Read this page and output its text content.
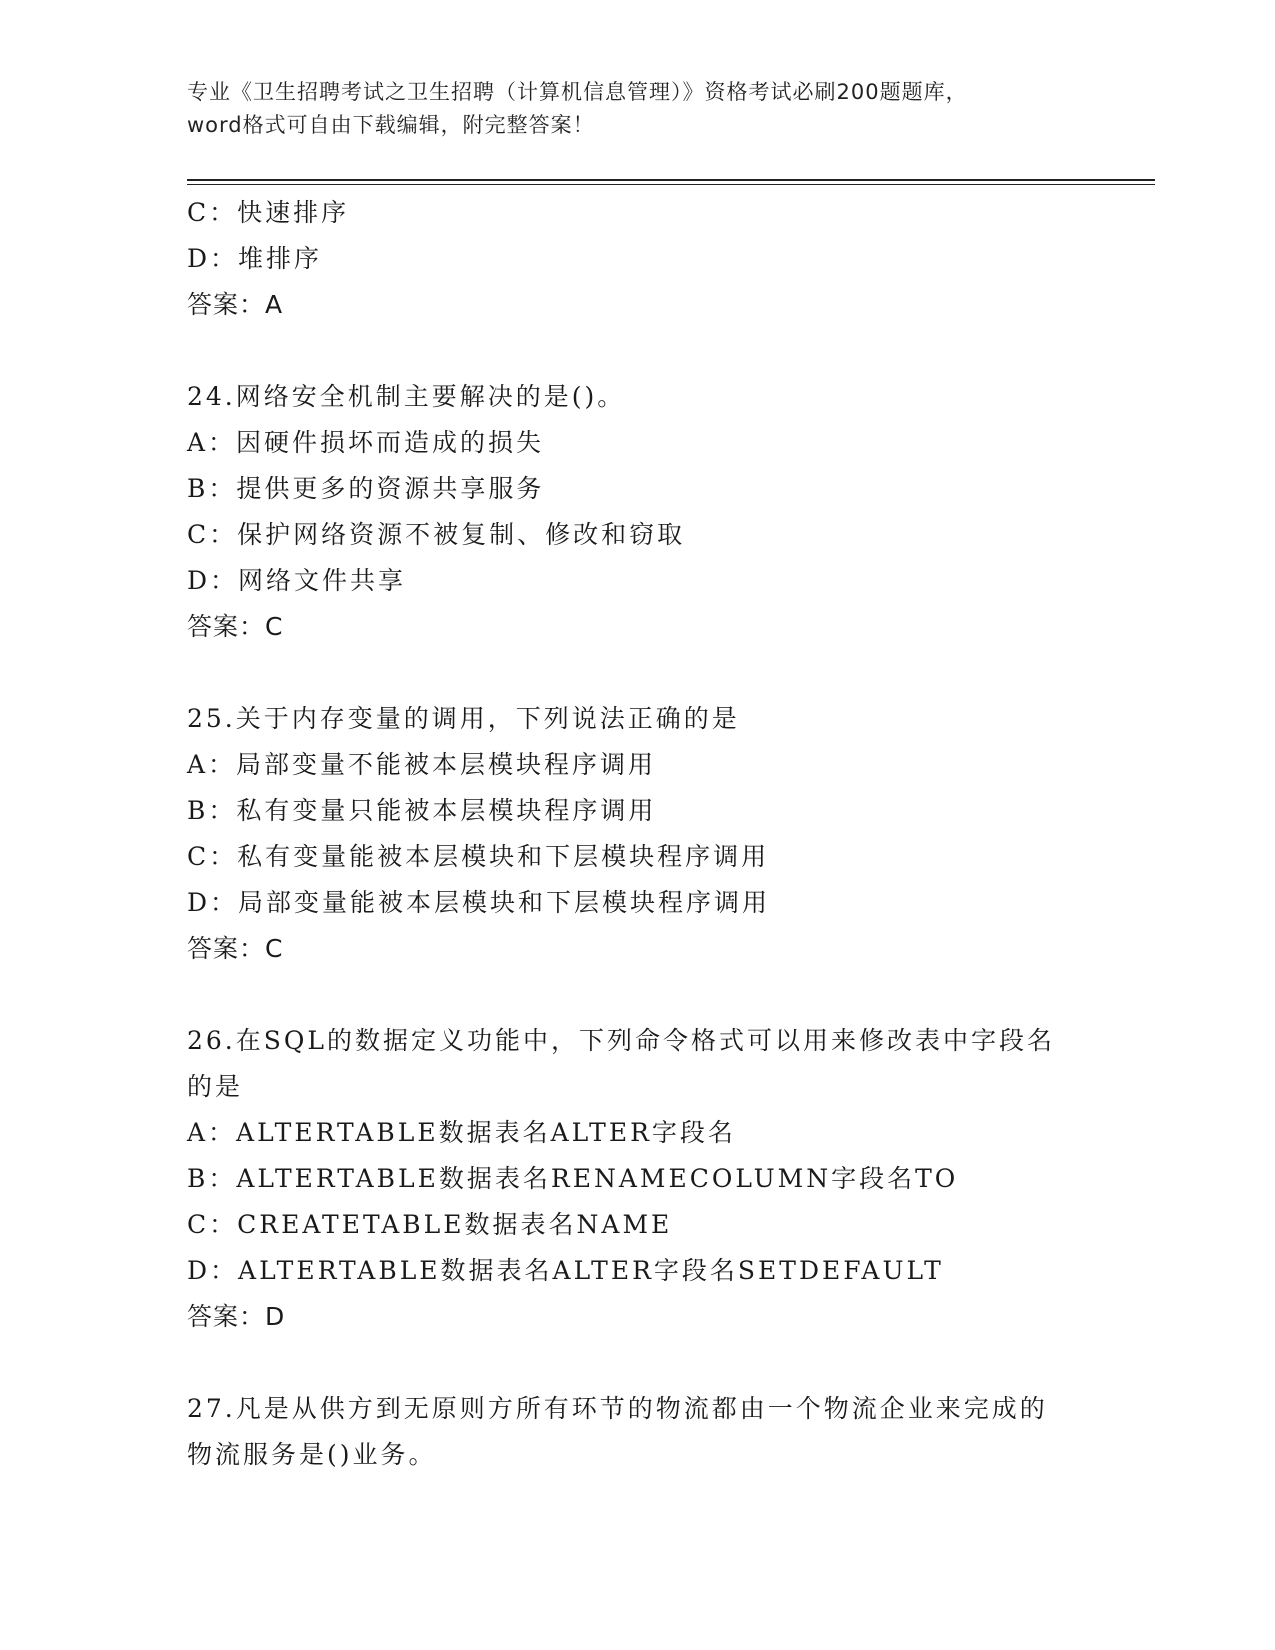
专业《卫生招聘考试之卫生招聘（计算机信息管理）》资格考试必刷200题题库，
word格式可自由下载编辑，附完整答案！
C：快速排序
D：堆排序
答案：A
24.网络安全机制主要解决的是()。
A：因硬件损坏而造成的损失
B：提供更多的资源共享服务
C：保护网络资源不被复制、修改和窃取
D：网络文件共享
答案：C
25.关于内存变量的调用，下列说法正确的是
A：局部变量不能被本层模块程序调用
B：私有变量只能被本层模块程序调用
C：私有变量能被本层模块和下层模块程序调用
D：局部变量能被本层模块和下层模块程序调用
答案：C
26.在SQL的数据定义功能中，下列命令格式可以用来修改表中字段名
的是
A：ALTERTABLE数据表名ALTER字段名
B：ALTERTABLE数据表名RENAMECOLUMN字段名TO
C：CREATETABLE数据表名NAME
D：ALTERTABLE数据表名ALTER字段名SETDEFAULT
答案：D
27.凡是从供方到无原则方所有环节的物流都由一个物流企业来完成的
物流服务是()业务。
